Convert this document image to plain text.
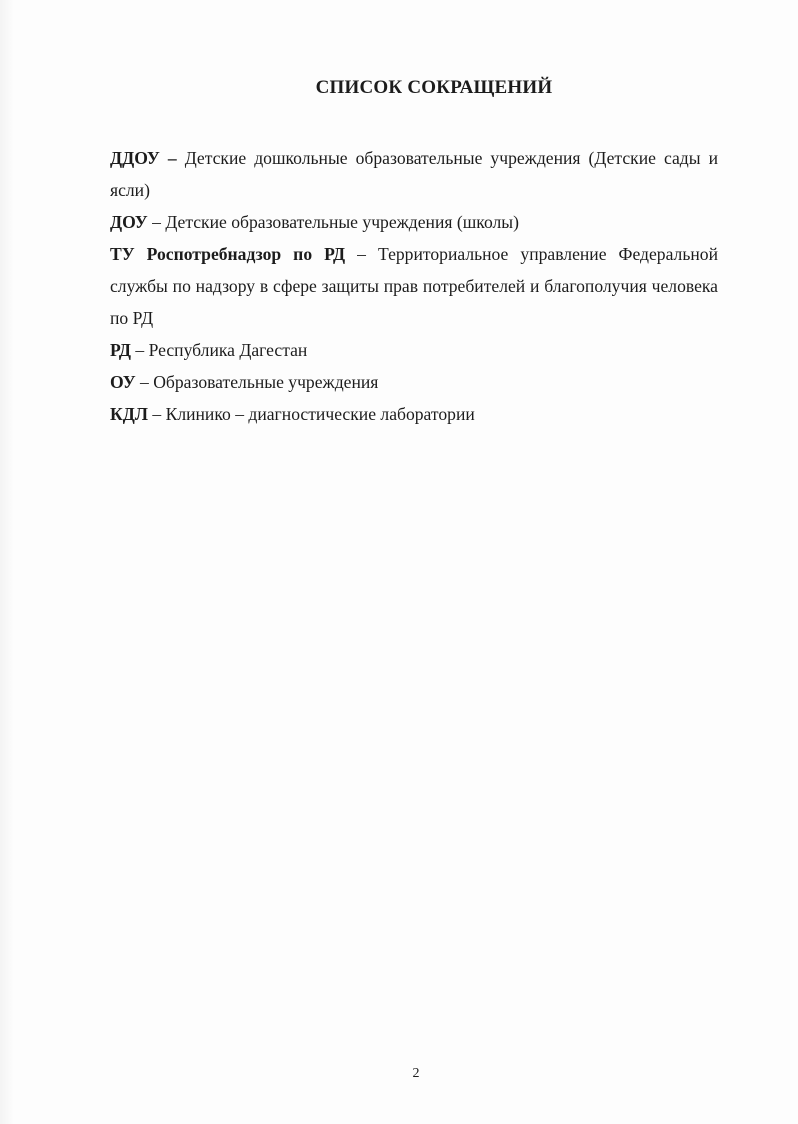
СПИСОК СОКРАЩЕНИЙ

ДДОУ – Детские дошкольные образовательные учреждения (Детские сады и ясли)

ДОУ – Детские образовательные учреждения (школы)

ТУ Роспотребнадзор по РД – Территориальное управление Федеральной службы по надзору в сфере защиты прав потребителей и благополучия человека по РД

РД – Республика Дагестан

ОУ – Образовательные учреждения

КДЛ – Клинико – диагностические лаборатории

2
